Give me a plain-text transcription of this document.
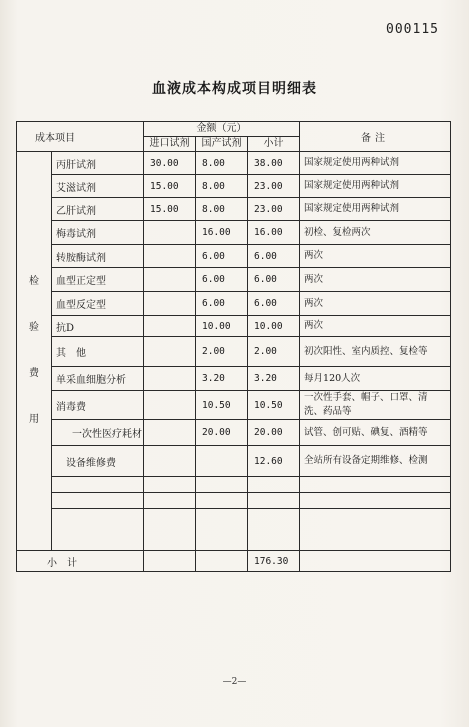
000115
血液成本构成项目明细表
成本项目		金额（元）			备注
		进口试剂	国产试剂	小计	

检
验
费
用	丙肝试剂	30.00	8.00	38.00	国家规定使用两种试剂
	艾滋试剂	15.00	8.00	23.00	国家规定使用两种试剂
	乙肝试剂	15.00	8.00	23.00	国家规定使用两种试剂
	梅毒试剂		16.00	16.00	初检、复检两次
	转胺酶试剂		6.00	6.00	两次
	血型正定型		6.00	6.00	两次
	血型反定型		6.00	6.00	两次
	抗D		10.00	10.00	两次
	其　他		2.00	2.00	初次阳性、室内质控、复检等
	单采血细胞分析		3.20	3.20	每月120人次
	消毒费		10.50	10.50	一次性手套、帽子、口罩、清洗、药品等
	一次性医疗耗材		20.00	20.00	试管、创可贴、碘复、酒精等
	设备维修费			12.60	全站所有设备定期维修、检测

小　计				176.30	
—2—
